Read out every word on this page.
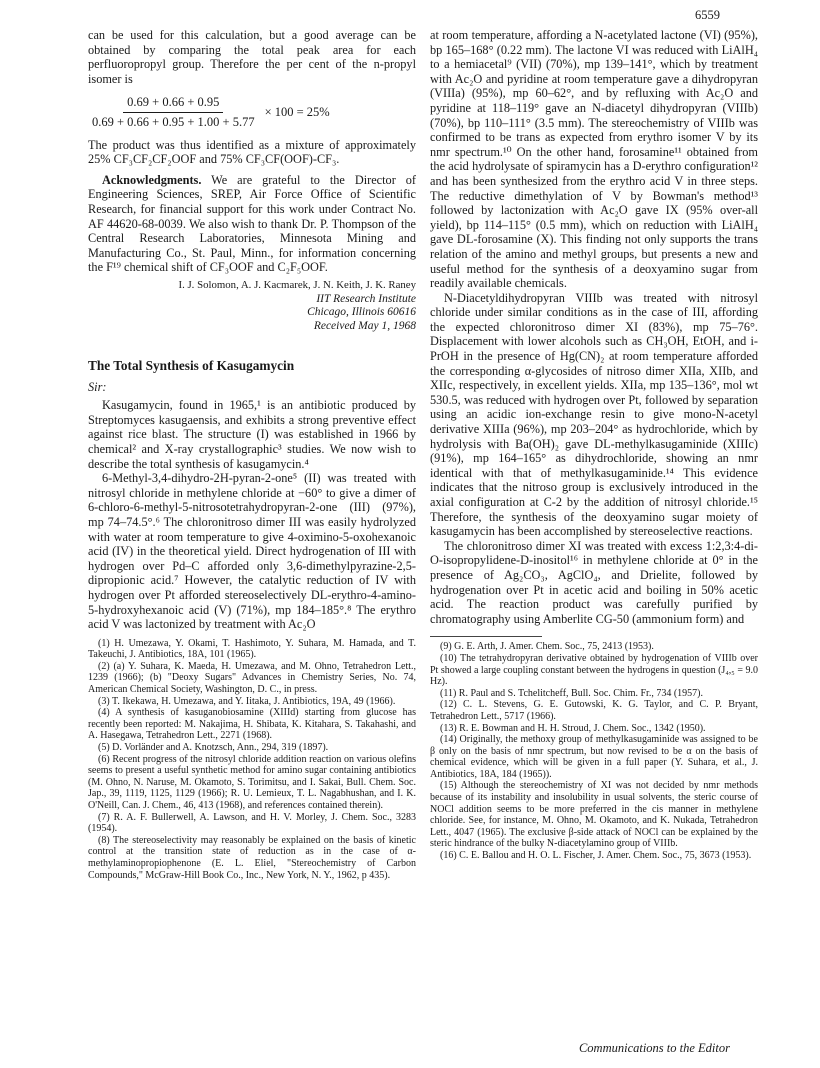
6559

can be used for this calculation, but a good average can be obtained by comparing the total peak area for each perfluoropropyl group. Therefore the per cent of the n-propyl isomer is

$\frac{0.69 + 0.66 + 0.95}{0.69 + 0.66 + 0.95 + 1.00 + 5.77} \times 100 = 25\%$

The product was thus identified as a mixture of approximately 25% CF₃CF₂CF₂OOF and 75% CF₃CF(OOF)-CF₃.

Acknowledgments. We are grateful to the Director of Engineering Sciences, SREP, Air Force Office of Scientific Research, for financial support for this work under Contract No. AF 44620-68-0039. We also wish to thank Dr. P. Thompson of the Central Research Laboratories, Minnesota Mining and Manufacturing Co., St. Paul, Minn., for information concerning the F¹⁹ chemical shift of CF₃OOF and C₂F₅OOF.

I. J. Solomon, A. J. Kacmarek, J. N. Keith, J. K. Raney
IIT Research Institute
Chicago, Illinois 60616
Received May 1, 1968
The Total Synthesis of Kasugamycin
Sir:

Kasugamycin, found in 1965,¹ is an antibiotic produced by Streptomyces kasugaensis, and exhibits a strong preventive effect against rice blast. The structure (I) was established in 1966 by chemical² and X-ray crystallographic³ studies. We now wish to describe the total synthesis of kasugamycin.⁴

6-Methyl-3,4-dihydro-2H-pyran-2-one⁵ (II) was treated with nitrosyl chloride in methylene chloride at −60° to give a dimer of 6-chloro-6-methyl-5-nitrosotetrahydropyran-2-one (III) (97%), mp 74–74.5°.⁶ The chloronitroso dimer III was easily hydrolyzed with water at room temperature to give 4-oximino-5-oxohexanoic acid (IV) in the theoretical yield. Direct hydrogenation of III with hydrogen over Pd–C afforded only 3,6-dimethylpyrazine-2,5-dipropionic acid.⁷ However, the catalytic reduction of IV with hydrogen over Pt afforded stereoselectively DL-erythro-4-amino-5-hydroxyhexanoic acid (V) (71%), mp 184–185°.⁸ The erythro acid V was lactonized by treatment with Ac₂O

(1) H. Umezawa, Y. Okami, T. Hashimoto, Y. Suhara, M. Hamada, and T. Takeuchi, J. Antibiotics, 18A, 101 (1965).

(2) (a) Y. Suhara, K. Maeda, H. Umezawa, and M. Ohno, Tetrahedron Lett., 1239 (1966); (b) "Deoxy Sugars" Advances in Chemistry Series, No. 74, American Chemical Society, Washington, D. C., in press.

(3) T. Ikekawa, H. Umezawa, and Y. Iitaka, J. Antibiotics, 19A, 49 (1966).

(4) A synthesis of kasuganobiosamine (XIIId) starting from glucose has recently been reported: M. Nakajima, H. Shibata, K. Kitahara, S. Takahashi, and A. Hasegawa, Tetrahedron Lett., 2271 (1968).

(5) D. Vorländer and A. Knotzsch, Ann., 294, 319 (1897).

(6) Recent progress of the nitrosyl chloride addition reaction on various olefins seems to present a useful synthetic method for amino sugar containing antibiotics (M. Ohno, N. Naruse, M. Okamoto, S. Torimitsu, and I. Sakai, Bull. Chem. Soc. Jap., 39, 1119, 1125, 1129 (1966); R. U. Lemieux, T. L. Nagabhushan, and I. K. O'Neill, Can. J. Chem., 46, 413 (1968), and references contained therein).

(7) R. A. F. Bullerwell, A. Lawson, and H. V. Morley, J. Chem. Soc., 3283 (1954).

(8) The stereoselectivity may reasonably be explained on the basis of kinetic control at the transition state of reduction as in the case of α-methylaminopropiophenone (E. L. Eliel, "Stereochemistry of Carbon Compounds," McGraw-Hill Book Co., Inc., New York, N. Y., 1962, p 435).

at room temperature, affording a N-acetylated lactone (VI) (95%), bp 165–168° (0.22 mm). The lactone VI was reduced with LiAlH₄ to a hemiacetal⁹ (VII) (70%), mp 139–141°, which by treatment with Ac₂O and pyridine at room temperature gave a dihydropyran (VIIIa) (95%), mp 60–62°, and by refluxing with Ac₂O and pyridine at 118–119° gave an N-diacetyl dihydropyran (VIIIb) (70%), bp 110–111° (3.5 mm). The stereochemistry of VIIIb was confirmed to be trans as expected from erythro isomer V by its nmr spectrum.¹⁰ On the other hand, forosamine¹¹ obtained from the acid hydrolysate of spiramycin has a D-erythro configuration¹² and has been synthesized from the erythro acid V in three steps. The reductive dimethylation of V by Bowman's method¹³ followed by lactonization with Ac₂O gave IX (95% over-all yield), bp 114–115° (0.5 mm), which on reduction with LiAlH₄ gave DL-forosamine (X). This finding not only supports the trans relation of the amino and methyl groups, but presents a new and useful method for the synthesis of a deoxyamino sugar from readily available chemicals.

N-Diacetyldihydropyran VIIIb was treated with nitrosyl chloride under similar conditions as in the case of III, affording the expected chloronitroso dimer XI (83%), mp 75–76°. Displacement with lower alcohols such as CH₃OH, EtOH, and i-PrOH in the presence of Hg(CN)₂ at room temperature afforded the corresponding α-glycosides of nitroso dimer XIIa, XIIb, and XIIc, respectively, in excellent yields. XIIa, mp 135–136°, mol wt 530.5, was reduced with hydrogen over Pt, followed by separation using an acidic ion-exchange resin to give mono-N-acetyl derivative XIIIa (96%), mp 203–204° as hydrochloride, which by hydrolysis with Ba(OH)₂ gave DL-methylkasugaminide (XIIIc) (91%), mp 164–165° as dihydrochloride, showing an nmr identical with that of methylkasugaminide.¹⁴ This evidence indicates that the nitroso group is exclusively introduced in the axial configuration at C-2 by the addition of nitrosyl chloride.¹⁵ Therefore, the synthesis of the deoxyamino sugar moiety of kasugamycin has been accomplished by stereoselective reactions.

The chloronitroso dimer XI was treated with excess 1:2,3:4-di-O-isopropylidene-D-inositol¹⁶ in methylene chloride at 0° in the presence of Ag₂CO₃, AgClO₄, and Drielite, followed by hydrogenation over Pt in acetic acid and boiling in 50% acetic acid. The reaction product was carefully purified by chromatography using Amberlite CG-50 (ammonium form) and

(9) G. E. Arth, J. Amer. Chem. Soc., 75, 2413 (1953).

(10) The tetrahydropyran derivative obtained by hydrogenation of VIIIb over Pt showed a large coupling constant between the hydrogens in question (J₄,₅ = 9.0 Hz).

(11) R. Paul and S. Tchelitcheff, Bull. Soc. Chim. Fr., 734 (1957).

(12) C. L. Stevens, G. E. Gutowski, K. G. Taylor, and C. P. Bryant, Tetrahedron Lett., 5717 (1966).

(13) R. E. Bowman and H. H. Stroud, J. Chem. Soc., 1342 (1950).

(14) Originally, the methoxy group of methylkasugaminide was assigned to be β only on the basis of nmr spectrum, but now revised to be α on the basis of chemical evidence, which will be given in a full paper (Y. Suhara, et al., J. Antibiotics, 18A, 184 (1965)).

(15) Although the stereochemistry of XI was not decided by nmr methods because of its instability and insolubility in usual solvents, the steric course of NOCl addition seems to be more preferred in the cis manner in methylene chloride. See, for instance, M. Ohno, M. Okamoto, and K. Nukada, Tetrahedron Lett., 4047 (1965). The exclusive β-side attack of NOCl can be explained by the steric hindrance of the bulky N-diacetylamino group of VIIIb.

(16) C. E. Ballou and H. O. L. Fischer, J. Amer. Chem. Soc., 75, 3673 (1953).

Communications to the Editor
